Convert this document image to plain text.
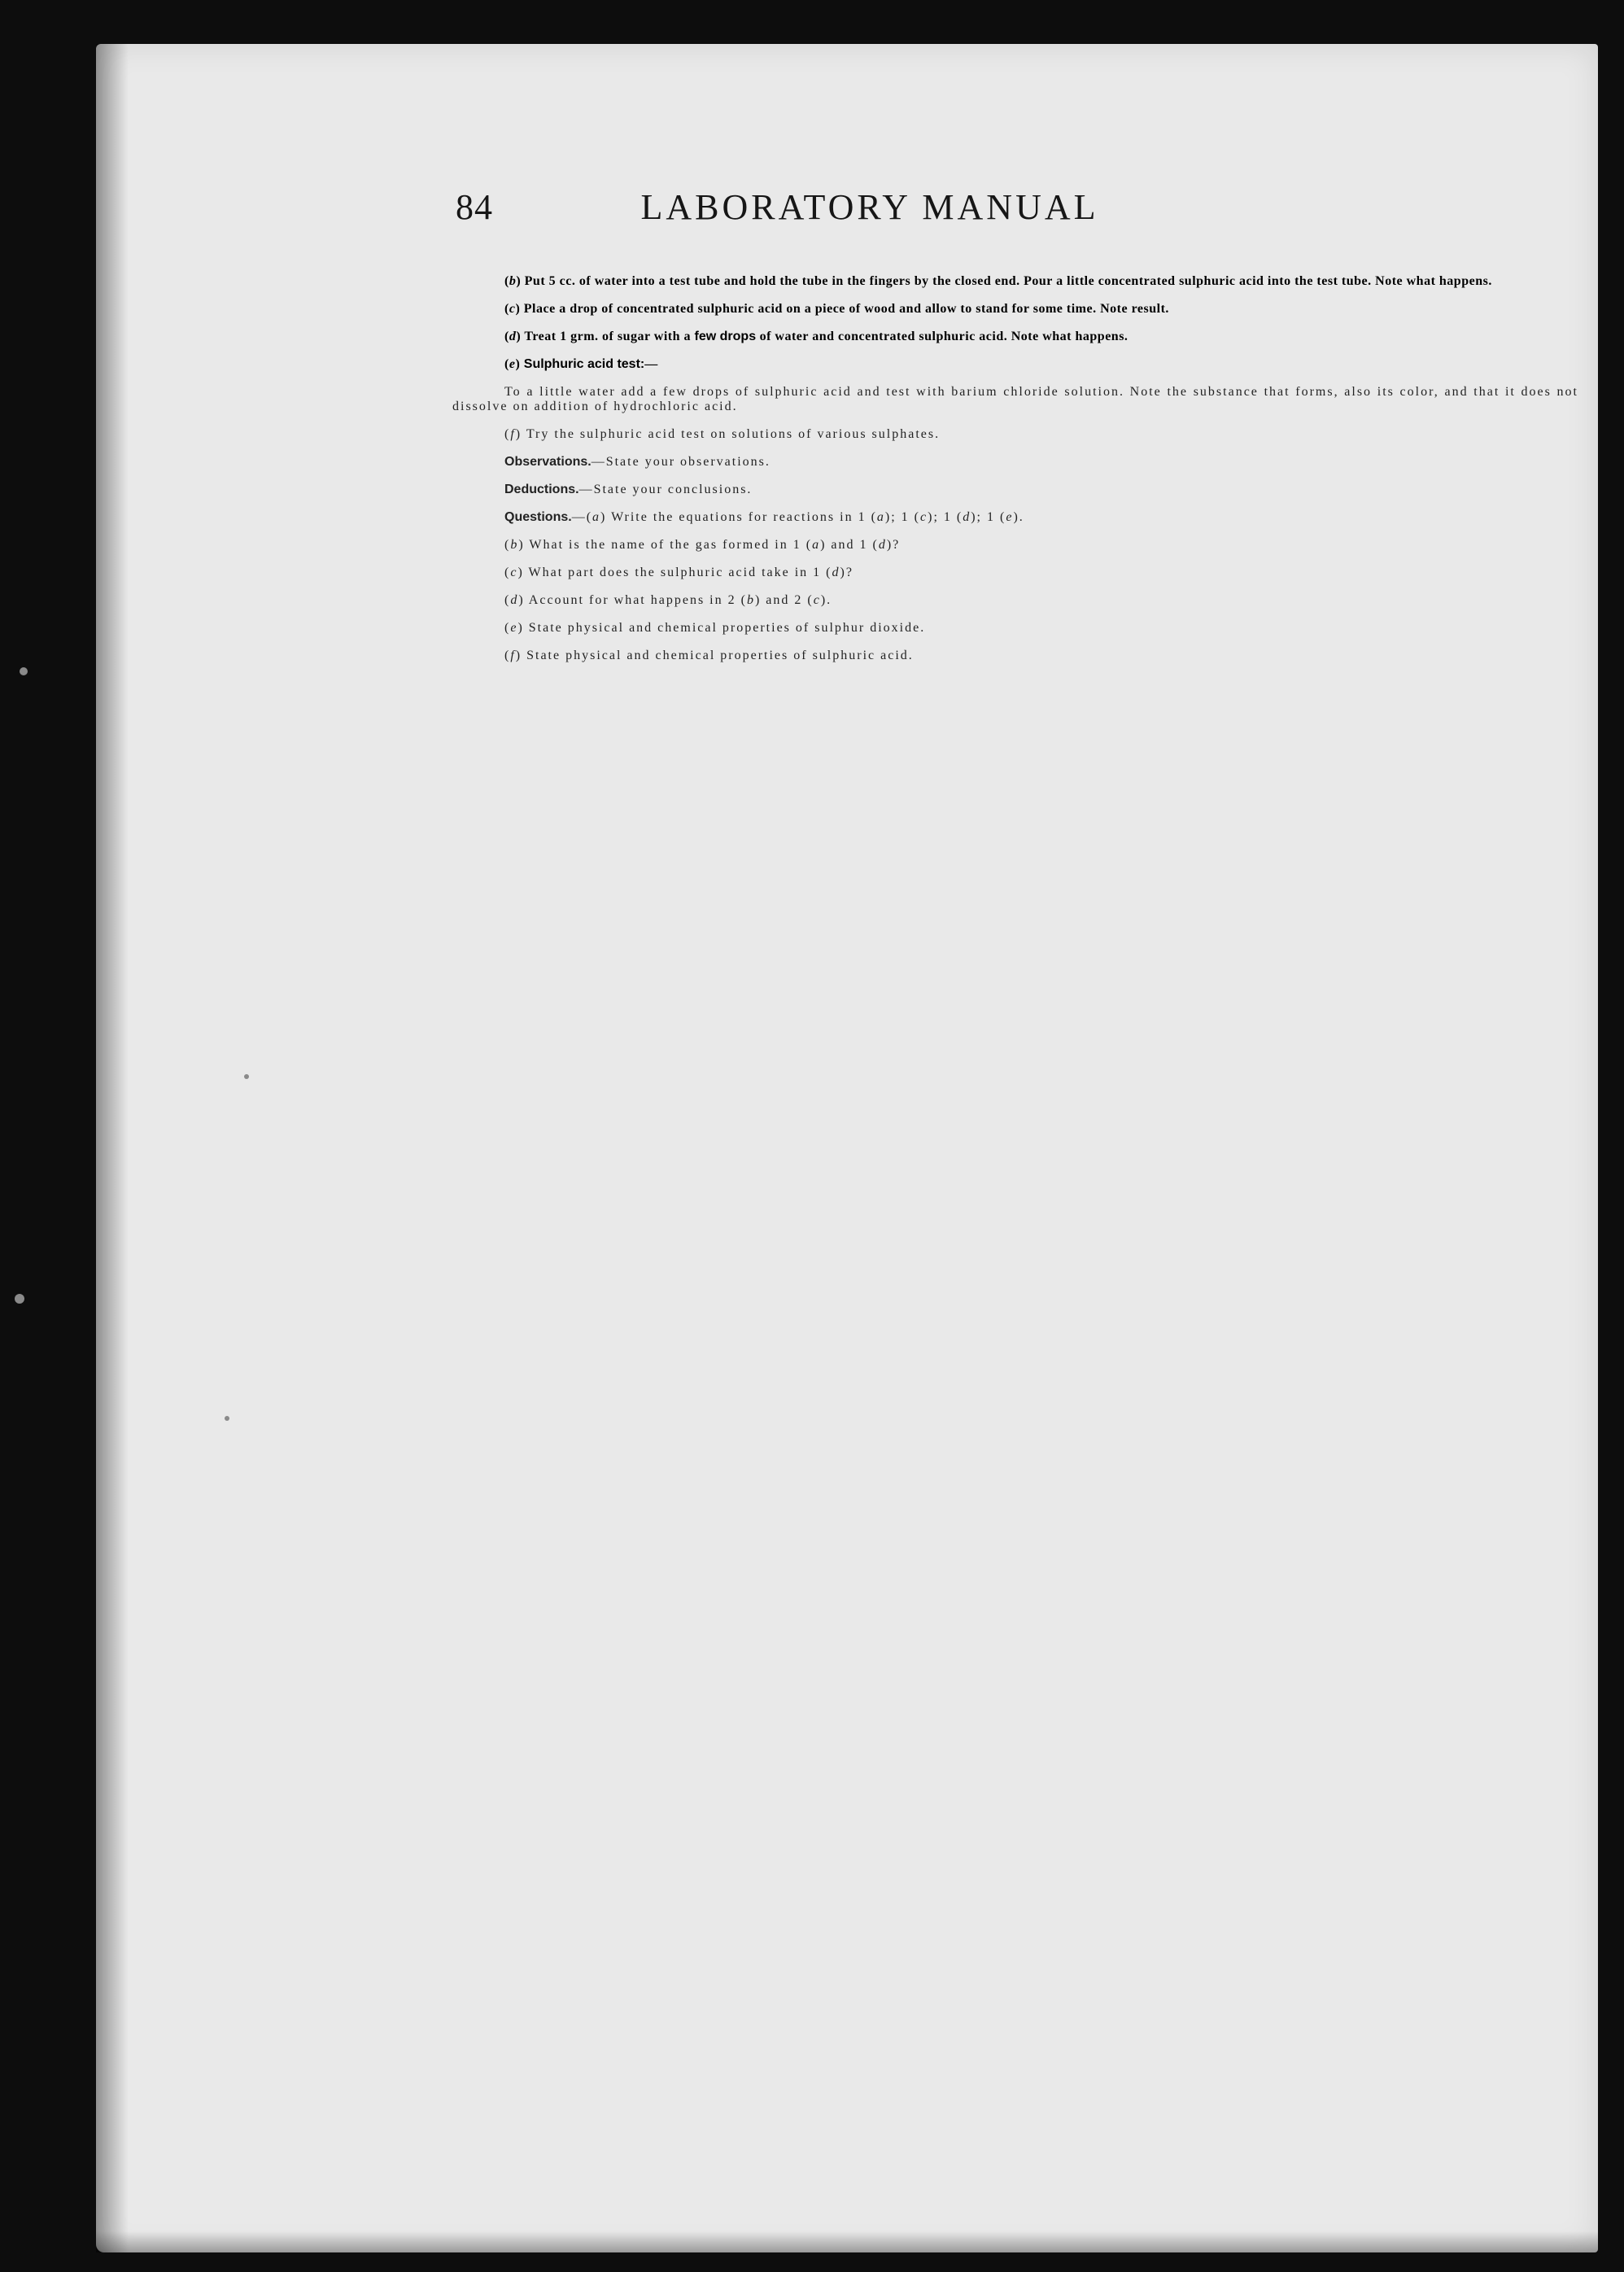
84	LABORATORY MANUAL

(b) Put 5 cc. of water into a test tube and hold the tube in the fingers by the closed end. Pour a little concentrated sulphuric acid into the test tube. Note what happens.

(c) Place a drop of concentrated sulphuric acid on a piece of wood and allow to stand for some time. Note result.

(d) Treat 1 grm. of sugar with a few drops of water and concentrated sulphuric acid. Note what happens.

(e) Sulphuric acid test:—

To a little water add a few drops of sulphuric acid and test with barium chloride solution. Note the substance that forms, also its color, and that it does not dissolve on addition of hydrochloric acid.

(f) Try the sulphuric acid test on solutions of various sulphates.

Observations.—State your observations.

Deductions.—State your conclusions.

Questions.—(a) Write the equations for reactions in 1 (a); 1 (c); 1 (d); 1 (e).

(b) What is the name of the gas formed in 1 (a) and 1 (d)?

(c) What part does the sulphuric acid take in 1 (d)?

(d) Account for what happens in 2 (b) and 2 (c).

(e) State physical and chemical properties of sulphur dioxide.

(f) State physical and chemical properties of sulphuric acid.
